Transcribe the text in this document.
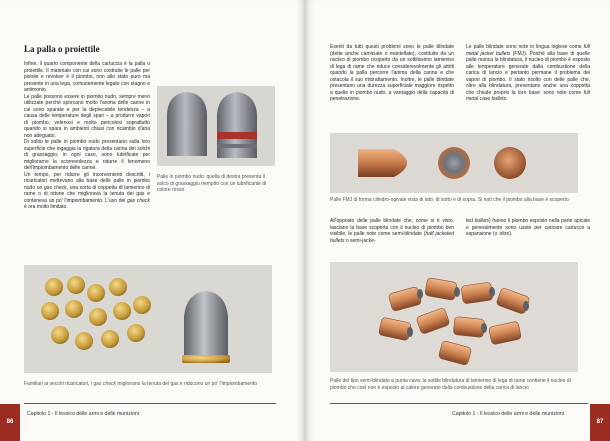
La palla o proiettile

Infine, il quarto componente della cartuccia è la palla o proiettile. Il materiale con cui sono costruite le palle per pistole e revolver è il piombo, non allo stato puro ma presente in una lega, comunemente legato con stagno e antimonio.

Le palle possono essere in piombo nudo, sempre meno utilizzate perché sporcano molto l'anima delle canne in cui sono sparate e per la deprecabile tendenza – a causa delle temperature degli spari – a produrre vapori di piombo, velenosi e molto pericolosi soprattutto quando si spara in ambienti chiusi con ricambio d'aria non adeguato.

Di solito le palle in piombo nudo presentano sulla loro superficie che ingaggia la rigatura della canna dei solchi di grassaggio; in ogni caso, sono lubrificate per migliorarne la scorrevolezza e ridurre il fenomeno dell'impiombamento delle canne.

Un tempo, per ridurre gli inconvenienti descritti, i ricaricatori mettevano alla base delle palle in piombo nudo un gas check, una sorta di coppetta di lamierino di rame o di ottone che migliorava la tenuta dei gas e conteneva un po' l'impiombamento. L'uso dei gas check è ora molto limitato.

Palle in piombo nudo: quella di destra presenta il solco di grassaggio riempito con un lubrificante di colore rosso
Familiari ai vecchi ricaricatori, i gas check migliorano la tenuta del gas e riducono un po' l'impiombamento
86
Capitolo 1 - Il lessico delle armi e delle munizioni

Esenti da tutti questi problemi sono le palle blindate (dette anche camiciate o mantellate), costituite da un nucleo di piombo ricoperto da un sottilissimo lamierino di lega di rame che riduce considerevolmente gli attriti quando la palla percorre l'anima della canna e che ostacola il suo imbrattamento. Inoltre, le palle blindate presentano una durezza superficiale maggiore rispetto a quelle in piombo nudo, a vantaggio della capacità di penetrazione.

Le palle blindate sono note in lingua inglese come full metal jacket bullets (FMJ). Poiché alla base di quelle palle manca la blindatura, il nucleo di piombo è esposto alle temperature generate dalla combustione della carica di lancio e pertanto permane il problema dei vapori di piombo. Il stato risolto con delle palle che, oltre alla blindatura, presentano anche una coppetta che chiude proprio la loro base: sono note come full metal case bullets.

Palle FMJ di forma cilindro-ogivale vista di lato, di sotto e di sopra. Si noti che il piombo alla base è scoperto

All'opposto delle palle blindate che, come si è visto, lasciano la base scoperta con il nucleo di piombo ben visibile, le palle note come semi-blindate (half jacketed bullets o semi-jacke-

ted bullets) hanno il piombo esposto nella parte apicale e generalmente sono usate per caricare cartucce a espansione (v. oltre).

Palle del tipo semi-blindato a punta cava: la sottile blindatura di lamierino di lega di rame contiene il nucleo di piombo che così non è esposto al calore generato dalla combustione della carica di lancio
Capitolo 1 - Il lessico delle armi e delle munizioni
87
